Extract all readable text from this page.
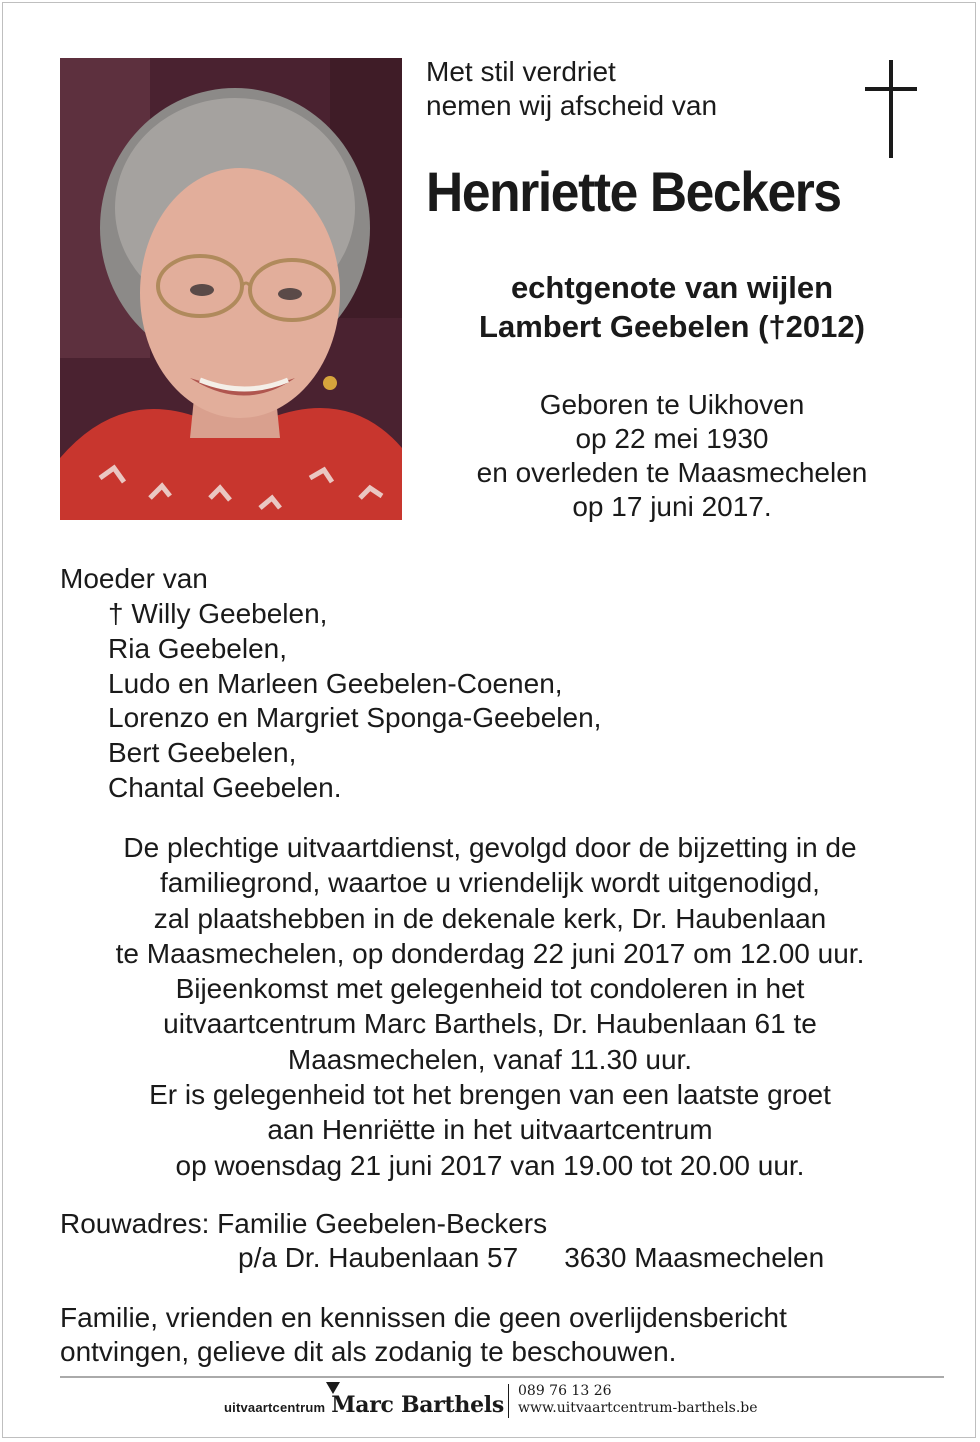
Met stil verdriet
nemen wij afscheid van
Henriette Beckers
echtgenote van wijlen
Lambert Geebelen (†2012)
Geboren te Uikhoven
op 22 mei 1930
en overleden te Maasmechelen
op 17 juni 2017.
Moeder van
† Willy Geebelen,
Ria Geebelen,
Ludo en Marleen Geebelen-Coenen,
Lorenzo en Margriet Sponga-Geebelen,
Bert Geebelen,
Chantal Geebelen.
De plechtige uitvaartdienst, gevolgd door de bijzetting in de
familiegrond, waartoe u vriendelijk wordt uitgenodigd,
zal plaatshebben in de dekenale kerk, Dr. Haubenlaan
te Maasmechelen, op donderdag 22 juni 2017 om 12.00 uur.
Bijeenkomst met gelegenheid tot condoleren in het
uitvaartcentrum Marc Barthels, Dr. Haubenlaan 61 te
Maasmechelen, vanaf 11.30 uur.
Er is gelegenheid tot het brengen van een laatste groet
aan Henriëtte in het uitvaartcentrum
op woensdag 21 juni 2017 van 19.00 tot 20.00 uur.
Rouwadres: Familie Geebelen-Beckers
p/a Dr. Haubenlaan 57 3630 Maasmechelen
Familie, vrienden en kennissen die geen overlijdensbericht
ontvingen, gelieve dit als zodanig te beschouwen.
uitvaartcentrum Marc Barthels
089 76 13 26
www.uitvaartcentrum-barthels.be
